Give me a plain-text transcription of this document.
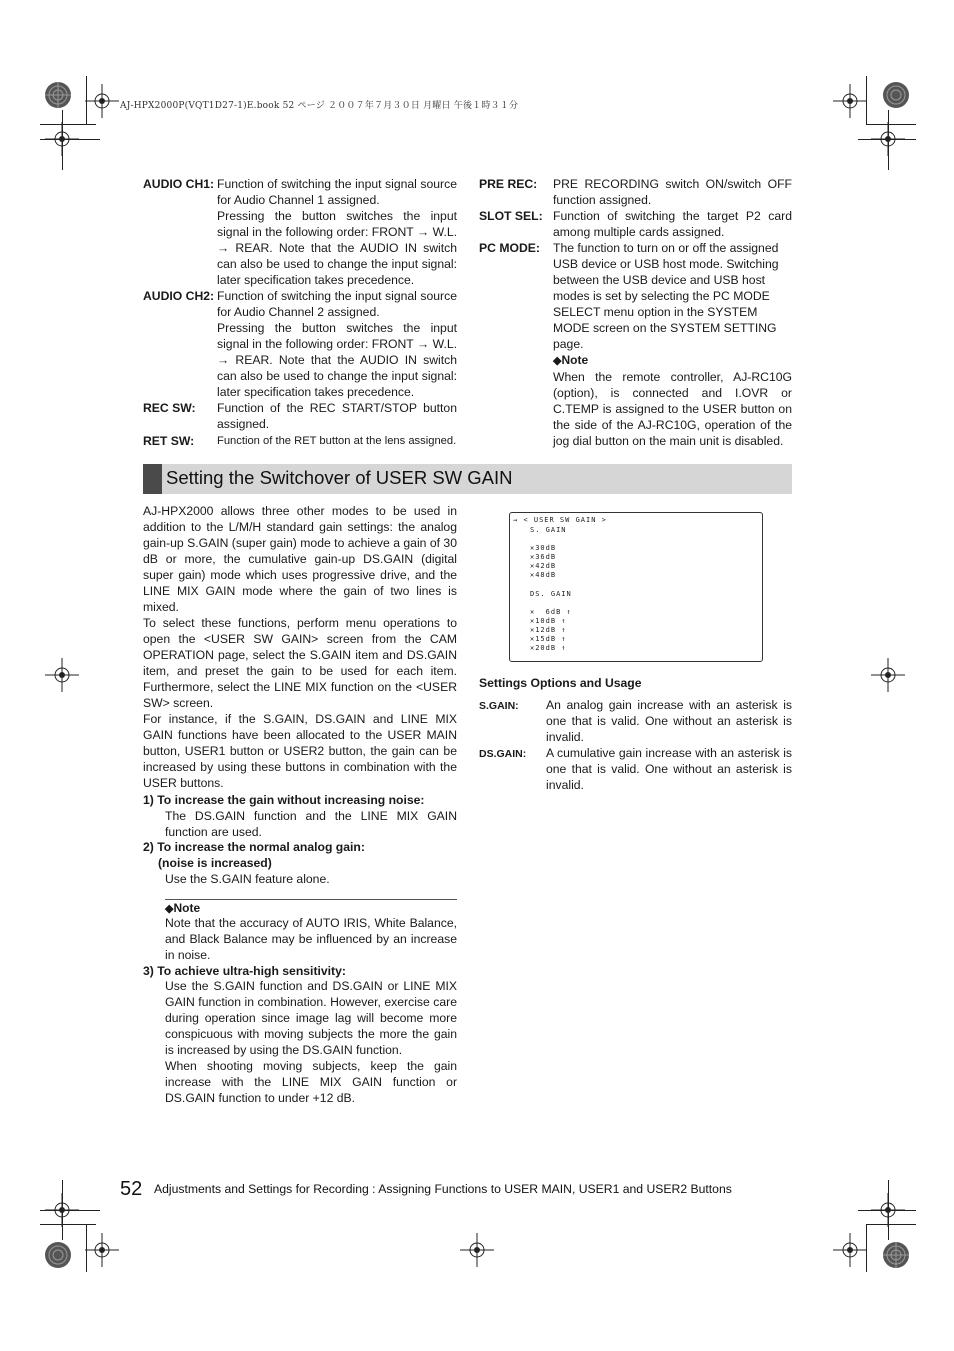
AJ-HPX2000P(VQT1D27-1)E.book 52 ページ ２００７年７月３０日 月曜日 午後１時３１分
AUDIO CH1: Function of switching the input signal source for Audio Channel 1 assigned.

Pressing the button switches the input signal in the following order: FRONT → W.L. → REAR. Note that the AUDIO IN switch can also be used to change the input signal: later specification takes precedence.

AUDIO CH2: Function of switching the input signal source for Audio Channel 2 assigned.

Pressing the button switches the input signal in the following order: FRONT → W.L. → REAR. Note that the AUDIO IN switch can also be used to change the input signal: later specification takes precedence.

REC SW: Function of the REC START/STOP button assigned.

RET SW: Function of the RET button at the lens assigned.

PRE REC: PRE RECORDING switch ON/switch OFF function assigned.

SLOT SEL: Function of switching the target P2 card among multiple cards assigned.

PC MODE: The function to turn on or off the assigned USB device or USB host mode. Switching between the USB device and USB host modes is set by selecting the PC MODE SELECT menu option in the SYSTEM MODE screen on the SYSTEM SETTING page.

◆Note

When the remote controller, AJ-RC10G (option), is connected and I.OVR or C.TEMP is assigned to the USER button on the side of the AJ-RC10G, operation of the jog dial button on the main unit is disabled.

Setting the Switchover of USER SW GAIN

AJ-HPX2000 allows three other modes to be used in addition to the L/M/H standard gain settings: the analog gain-up S.GAIN (super gain) mode to achieve a gain of 30 dB or more, the cumulative gain-up DS.GAIN (digital super gain) mode which uses progressive drive, and the LINE MIX GAIN mode where the gain of two lines is mixed.

To select these functions, perform menu operations to open the <USER SW GAIN> screen from the CAM OPERATION page, select the S.GAIN item and DS.GAIN item, and preset the gain to be used for each item. Furthermore, select the LINE MIX function on the <USER SW> screen.

For instance, if the S.GAIN, DS.GAIN and LINE MIX GAIN functions have been allocated to the USER MAIN button, USER1 button or USER2 button, the gain can be increased by using these buttons in combination with the USER buttons.

1) To increase the gain without increasing noise:
The DS.GAIN function and the LINE MIX GAIN function are used.
2) To increase the normal analog gain:
(noise is increased)
Use the S.GAIN feature alone.
◆Note

Note that the accuracy of AUTO IRIS, White Balance, and Black Balance may be influenced by an increase in noise.

3) To achieve ultra-high sensitivity:

Use the S.GAIN function and DS.GAIN or LINE MIX GAIN function in combination. However, exercise care during operation since image lag will become more conspicuous with moving subjects the more the gain is increased by using the DS.GAIN function.

When shooting moving subjects, keep the gain increase with the LINE MIX GAIN function or DS.GAIN function to under +12 dB.

→ < USER SW GAIN >
S. GAIN
✕30dB
✕36dB
✕42dB
✕48dB
DS. GAIN
✕  6dB ↑
✕10dB ↑
✕12dB ↑
✕15dB ↑
✕20dB ↑
Settings Options and Usage
S.GAIN: An analog gain increase with an asterisk is one that is valid. One without an asterisk is invalid.
DS.GAIN: A cumulative gain increase with an asterisk is one that is valid. One without an asterisk is invalid.
52 Adjustments and Settings for Recording : Assigning Functions to USER MAIN, USER1 and USER2 Buttons
